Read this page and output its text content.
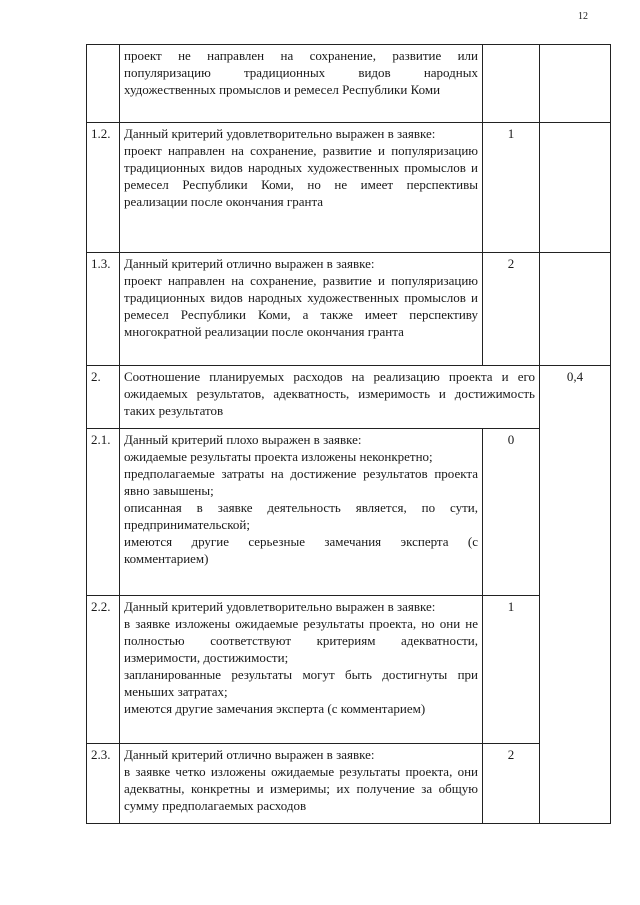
12

	проект не направлен на сохранение, развитие или популяризацию традиционных видов народных художественных промыслов и ремесел Республики Коми		

1.2.	Данный критерий удовлетворительно выражен в заявке:
проект направлен на сохранение, развитие и популяризацию традиционных видов народных художественных промыслов и ремесел Республики Коми, но не имеет перспективы реализации после окончания гранта	1	
1.3.	Данный критерий отлично выражен в заявке:
проект направлен на сохранение, развитие и популяризацию традиционных видов народных художественных промыслов и ремесел Республики Коми, а также имеет перспективу многократной реализации после окончания гранта	2	
2.	Соотношение планируемых расходов на реализацию проекта и его ожидаемых результатов, адекватность, измеримость и достижимость таких результатов		0,4
2.1.	Данный критерий плохо выражен в заявке:
ожидаемые результаты проекта изложены неконкретно;
предполагаемые затраты на достижение результатов проекта явно завышены;
описанная в заявке деятельность является, по сути, предпринимательской;
имеются другие серьезные замечания эксперта (с комментарием)	0	
2.2.	Данный критерий удовлетворительно выражен в заявке:
в заявке изложены ожидаемые результаты проекта, но они не полностью соответствуют критериям адекватности, измеримости, достижимости;
запланированные результаты могут быть достигнуты при меньших затратах;
имеются другие замечания эксперта (с комментарием)	1	
2.3.	Данный критерий отлично выражен в заявке:
в заявке четко изложены ожидаемые результаты проекта, они адекватны, конкретны и измеримы; их получение за общую сумму предполагаемых расходов	2	
